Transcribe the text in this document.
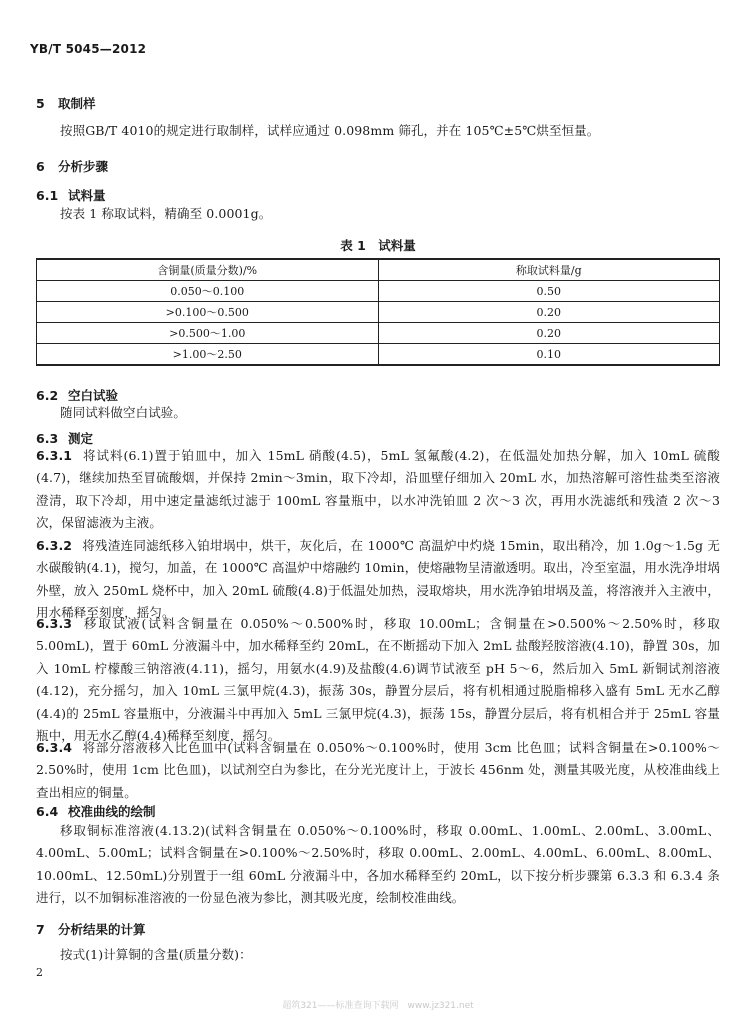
YB/T 5045—2012
5 取制样
按照GB/T 4010的规定进行取制样，试样应通过 0.098mm 筛孔，并在 105℃±5℃烘至恒量。
6 分析步骤
6.1 试料量
按表 1 称取试料，精确至 0.0001g。
表 1　试料量
含铜量(质量分数)/%	称取试料量/g
0.050～0.100	0.50
>0.100～0.500	0.20
>0.500～1.00	0.20
>1.00～2.50	0.10
6.2 空白试验
随同试料做空白试验。
6.3 测定
6.3.1 将试料(6.1)置于铂皿中，加入 15mL 硝酸(4.5)，5mL 氢氟酸(4.2)，在低温处加热分解，加入 10mL 硫酸(4.7)，继续加热至冒硫酸烟，并保持 2min～3min，取下冷却，沿皿壁仔细加入 20mL 水，加热溶解可溶性盐类至溶液澄清，取下冷却，用中速定量滤纸过滤于 100mL 容量瓶中，以水冲洗铂皿 2 次～3 次，再用水洗滤纸和残渣 2 次～3 次，保留滤液为主液。
6.3.2 将残渣连同滤纸移入铂坩埚中，烘干，灰化后，在 1000℃ 高温炉中灼烧 15min，取出稍冷，加 1.0g～1.5g 无水碳酸钠(4.1)，搅匀，加盖，在 1000℃ 高温炉中熔融约 10min，使熔融物呈清澈透明。取出，冷至室温，用水洗净坩埚外壁，放入 250mL 烧杯中，加入 20mL 硫酸(4.8)于低温处加热，浸取熔块，用水洗净铂坩埚及盖，将溶液并入主液中，用水稀释至刻度，摇匀。
6.3.3 移取试液(试料含铜量在 0.050%～0.500%时，移取 10.00mL；含铜量在>0.500%～2.50%时，移取 5.00mL)，置于 60mL 分液漏斗中，加水稀释至约 20mL，在不断摇动下加入 2mL 盐酸羟胺溶液(4.10)，静置 30s，加入 10mL 柠檬酸三钠溶液(4.11)，摇匀，用氨水(4.9)及盐酸(4.6)调节试液至 pH 5～6，然后加入 5mL 新铜试剂溶液(4.12)，充分摇匀，加入 10mL 三氯甲烷(4.3)，振荡 30s，静置分层后，将有机相通过脱脂棉移入盛有 5mL 无水乙醇(4.4)的 25mL 容量瓶中，分液漏斗中再加入 5mL 三氯甲烷(4.3)，振荡 15s，静置分层后，将有机相合并于 25mL 容量瓶中，用无水乙醇(4.4)稀释至刻度，摇匀。
6.3.4 将部分溶液移入比色皿中(试料含铜量在 0.050%～0.100%时，使用 3cm 比色皿；试料含铜量在>0.100%～2.50%时，使用 1cm 比色皿)，以试剂空白为参比，在分光光度计上，于波长 456nm 处，测量其吸光度，从校准曲线上查出相应的铜量。
6.4 校准曲线的绘制
移取铜标准溶液(4.13.2)(试料含铜量在 0.050%～0.100%时，移取 0.00mL、1.00mL、2.00mL、3.00mL、4.00mL、5.00mL；试料含铜量在>0.100%～2.50%时，移取 0.00mL、2.00mL、4.00mL、6.00mL、8.00mL、10.00mL、12.50mL)分别置于一组 60mL 分液漏斗中，各加水稀释至约 20mL，以下按分析步骤第 6.3.3 和 6.3.4 条进行，以不加铜标准溶液的一份显色液为参比，测其吸光度，绘制校准曲线。
7 分析结果的计算
按式(1)计算铜的含量(质量分数)：
2
超筑321——标准查询下载网　www.jz321.net
